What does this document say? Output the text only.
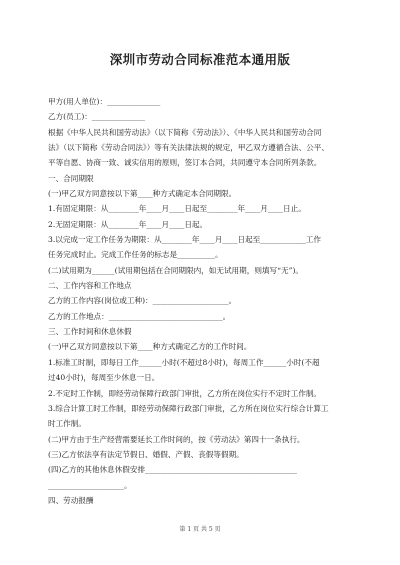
深圳市劳动合同标准范本通用版
甲方(用人单位)：______________
乙方(员工)：______________
根据《中华人民共和国劳动法》（以下简称《劳动法》）、《中华人民共和国劳动合同
法》（以下简称《劳动合同法》）等有关法律法规的规定，甲乙双方遵循合法、公平、
平等自愿、协商一致、诚实信用的原则，签订本合同，共同遵守本合同所列条款。
一、合同期限
(一)甲乙双方同意按以下第____种方式确定本合同期限。
1.有固定期限：从________年____月____日起至________年____月____日止。
2.无固定期限：从________年____月____日起。
3.以完成一定工作任务为期限：从________年____月____日起至____________工作
任务完成时止。完成工作任务的标志是__________。
(二)试用期为______(试用期包括在合同期限内，如无试用期，则填写“无”)。
二、工作内容和工作地点
乙方的工作内容(岗位或工种)：____________________。
乙方的工作地点：______________________________。
三、工作时间和休息休假
(一)甲乙双方同意按以下第____种方式确定乙方的工作时间。
1.标准工时制，即每日工作______小时(不超过8小时)，每周工作______小时(不超
过40小时)，每周至少休息一日。
2.不定时工作制，即经劳动保障行政部门审批，乙方所在岗位实行不定时工作制。
3.综合计算工时工作制，即经劳动保障行政部门审批，乙方所在岗位实行综合计算工
时工作制。
(二)甲方由于生产经营需要延长工作时间的，按《劳动法》第四十一条执行。
(三)乙方依法享有法定节假日、婚假、产假、丧假等假期。
(四)乙方的其他休息休假安排________________________________________
____________________。
四、劳动报酬
第 1 页 共 5 页
